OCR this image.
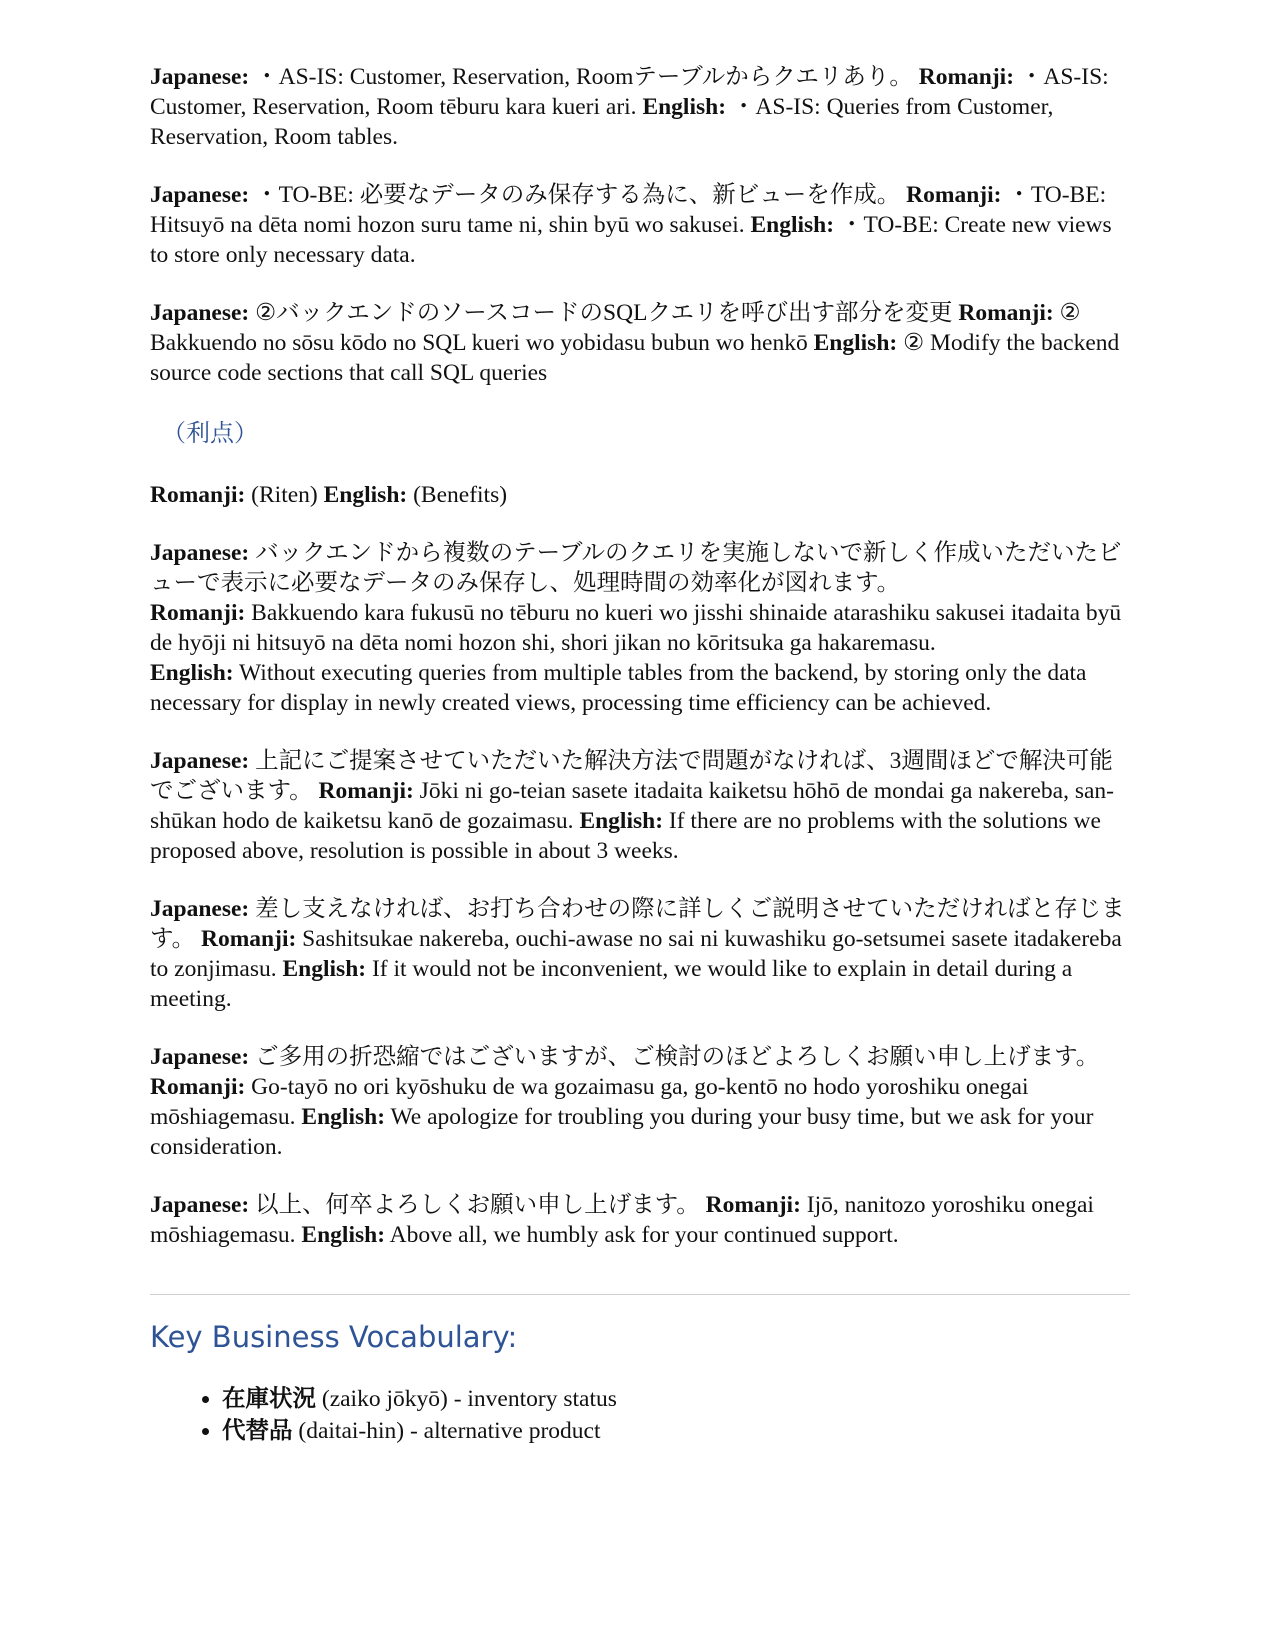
Japanese: ・AS-IS: Customer, Reservation, Roomテーブルからクエリあり。 Romanji: ・AS-IS: Customer, Reservation, Room tēburu kara kueri ari. English: ・AS-IS: Queries from Customer, Reservation, Room tables.

Japanese: ・TO-BE: 必要なデータのみ保存する為に、新ビューを作成。 Romanji: ・TO-BE: Hitsuyō na dēta nomi hozon suru tame ni, shin byū wo sakusei. English: ・TO-BE: Create new views to store only necessary data.

Japanese: ②バックエンドのソースコードのSQLクエリを呼び出す部分を変更 Romanji: ② Bakkuendo no sōsu kōdo no SQL kueri wo yobidasu bubun wo henkō English: ② Modify the backend source code sections that call SQL queries

（利点）

Romanji: (Riten) English: (Benefits)

Japanese: バックエンドから複数のテーブルのクエリを実施しないで新しく作成いただいたビューで表示に必要なデータのみ保存し、処理時間の効率化が図れます。
Romanji: Bakkuendo kara fukusū no tēburu no kueri wo jisshi shinaide atarashiku sakusei itadaita byū de hyōji ni hitsuyō na dēta nomi hozon shi, shori jikan no kōritsuka ga hakaremasu.
English: Without executing queries from multiple tables from the backend, by storing only the data necessary for display in newly created views, processing time efficiency can be achieved.

Japanese: 上記にご提案させていただいた解決方法で問題がなければ、3週間ほどで解決可能でございます。 Romanji: Jōki ni go-teian sasete itadaita kaiketsu hōhō de mondai ga nakereba, san-shūkan hodo de kaiketsu kanō de gozaimasu. English: If there are no problems with the solutions we proposed above, resolution is possible in about 3 weeks.

Japanese: 差し支えなければ、お打ち合わせの際に詳しくご説明させていただければと存じます。 Romanji: Sashitsukae nakereba, ouchi-awase no sai ni kuwashiku go-setsumei sasete itadakereba to zonjimasu. English: If it would not be inconvenient, we would like to explain in detail during a meeting.

Japanese: ご多用の折恐縮ではございますが、ご検討のほどよろしくお願い申し上げます。 Romanji: Go-tayō no ori kyōshuku de wa gozaimasu ga, go-kentō no hodo yoroshiku onegai mōshiagemasu. English: We apologize for troubling you during your busy time, but we ask for your consideration.

Japanese: 以上、何卒よろしくお願い申し上げます。 Romanji: Ijō, nanitozo yoroshiku onegai mōshiagemasu. English: Above all, we humbly ask for your continued support.

Key Business Vocabulary:
• 在庫状況 (zaiko jōkyō) - inventory status
• 代替品 (daitai-hin) - alternative product
